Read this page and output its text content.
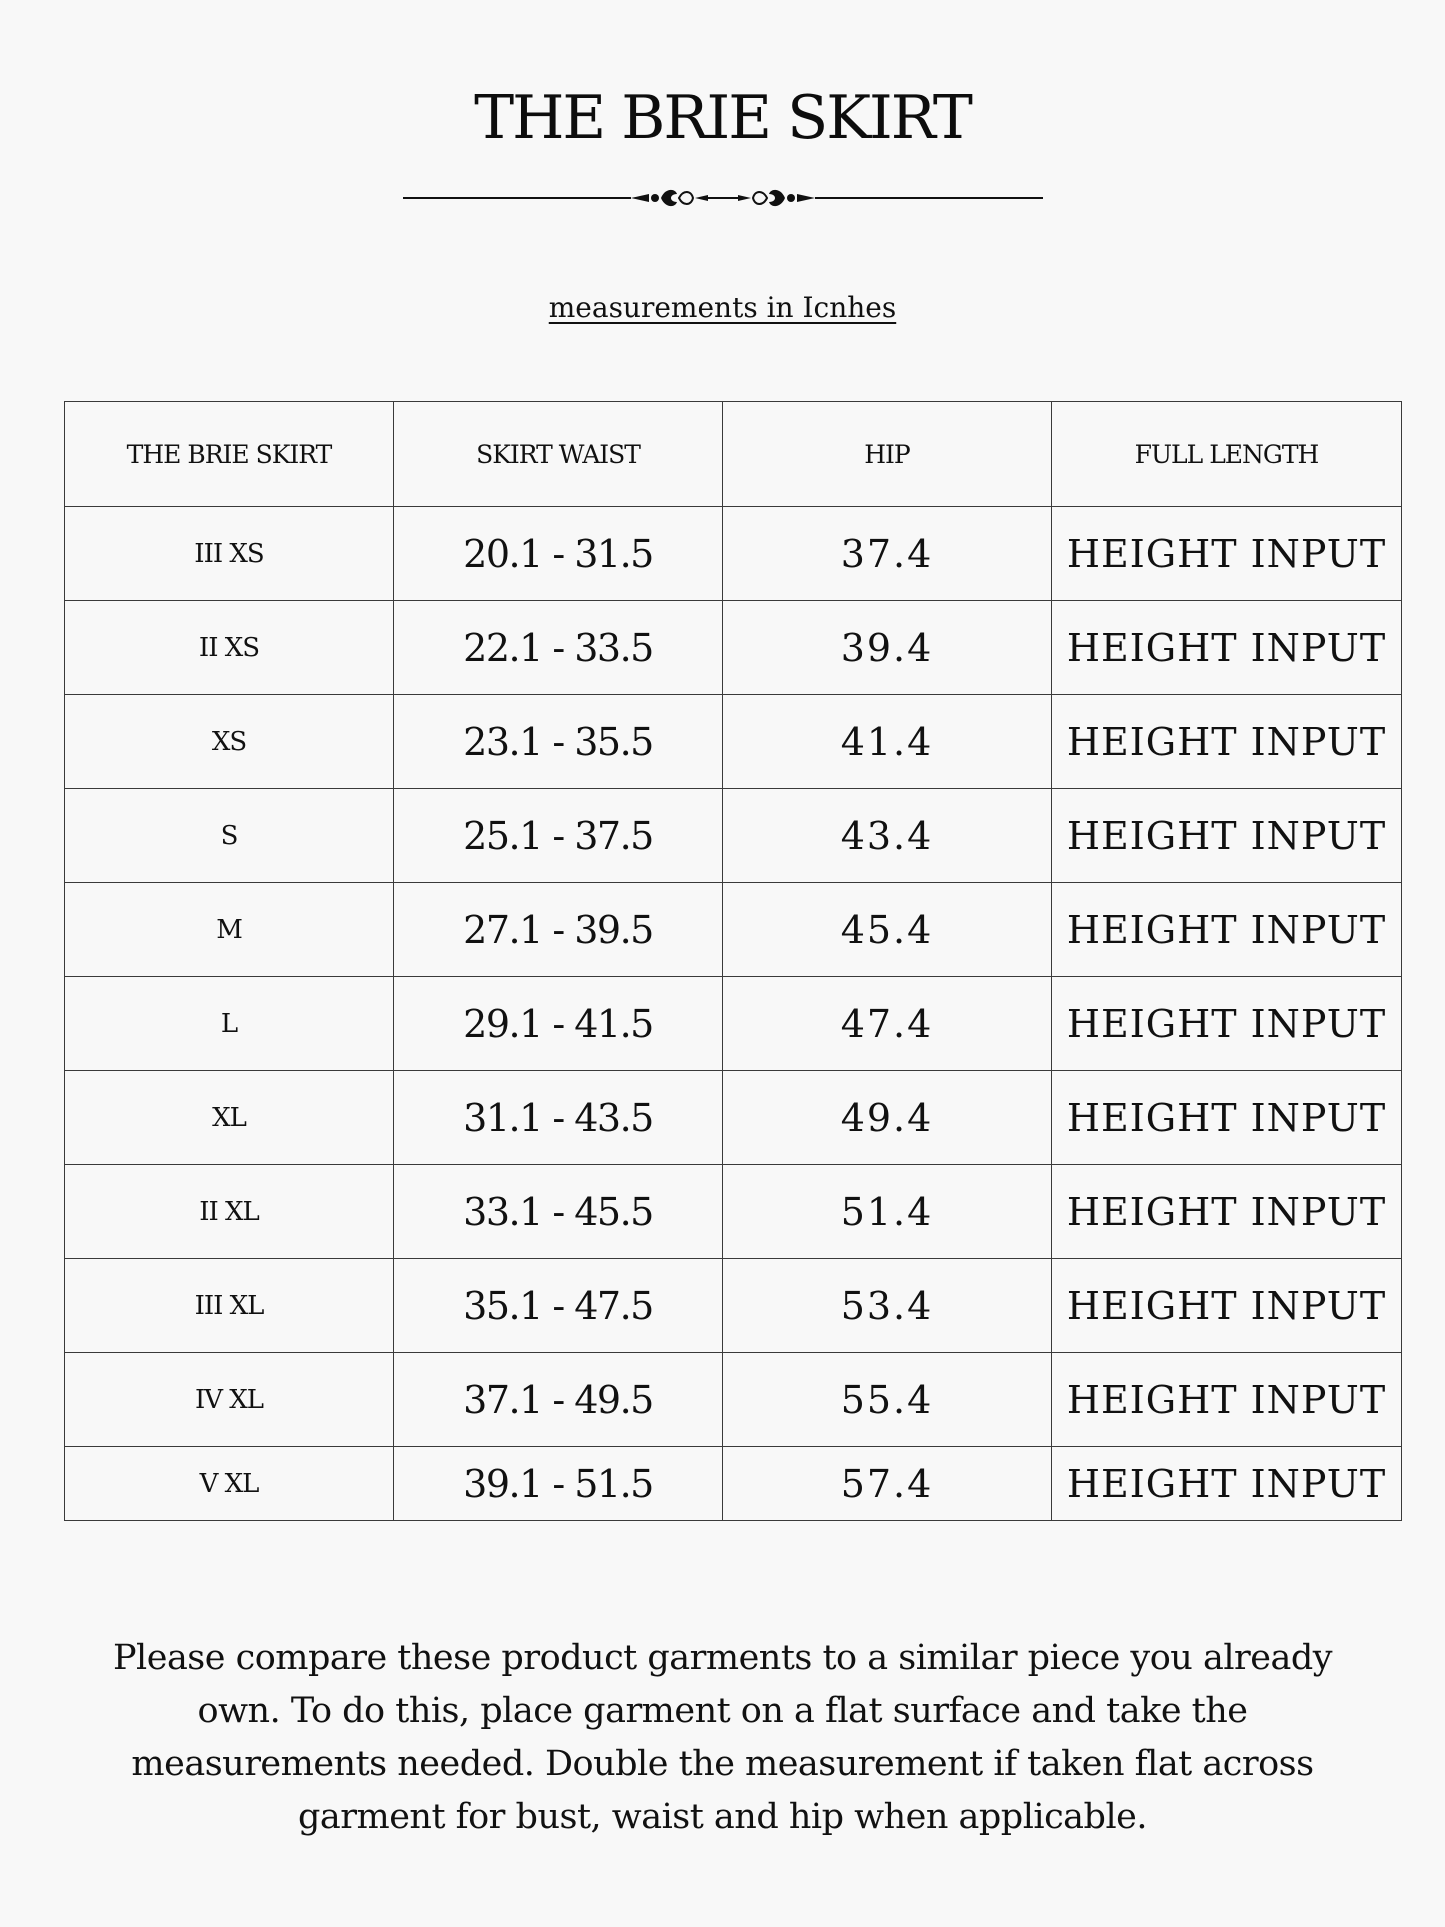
THE BRIE SKIRT
measurements in Icnhes
THE BRIE SKIRT	SKIRT WAIST	HIP	FULL LENGTH
III XS	20.1 - 31.5	37.4	HEIGHT INPUT
II XS	22.1 - 33.5	39.4	HEIGHT INPUT
XS	23.1 - 35.5	41.4	HEIGHT INPUT
S	25.1 - 37.5	43.4	HEIGHT INPUT
M	27.1 - 39.5	45.4	HEIGHT INPUT
L	29.1 - 41.5	47.4	HEIGHT INPUT
XL	31.1 - 43.5	49.4	HEIGHT INPUT
II XL	33.1 - 45.5	51.4	HEIGHT INPUT
III XL	35.1 - 47.5	53.4	HEIGHT INPUT
IV XL	37.1 - 49.5	55.4	HEIGHT INPUT
V XL	39.1 - 51.5	57.4	HEIGHT INPUT

Please compare these product garments to a similar piece you already own. To do this, place garment on a flat surface and take the measurements needed. Double the measurement if taken flat across garment for bust, waist and hip when applicable.
